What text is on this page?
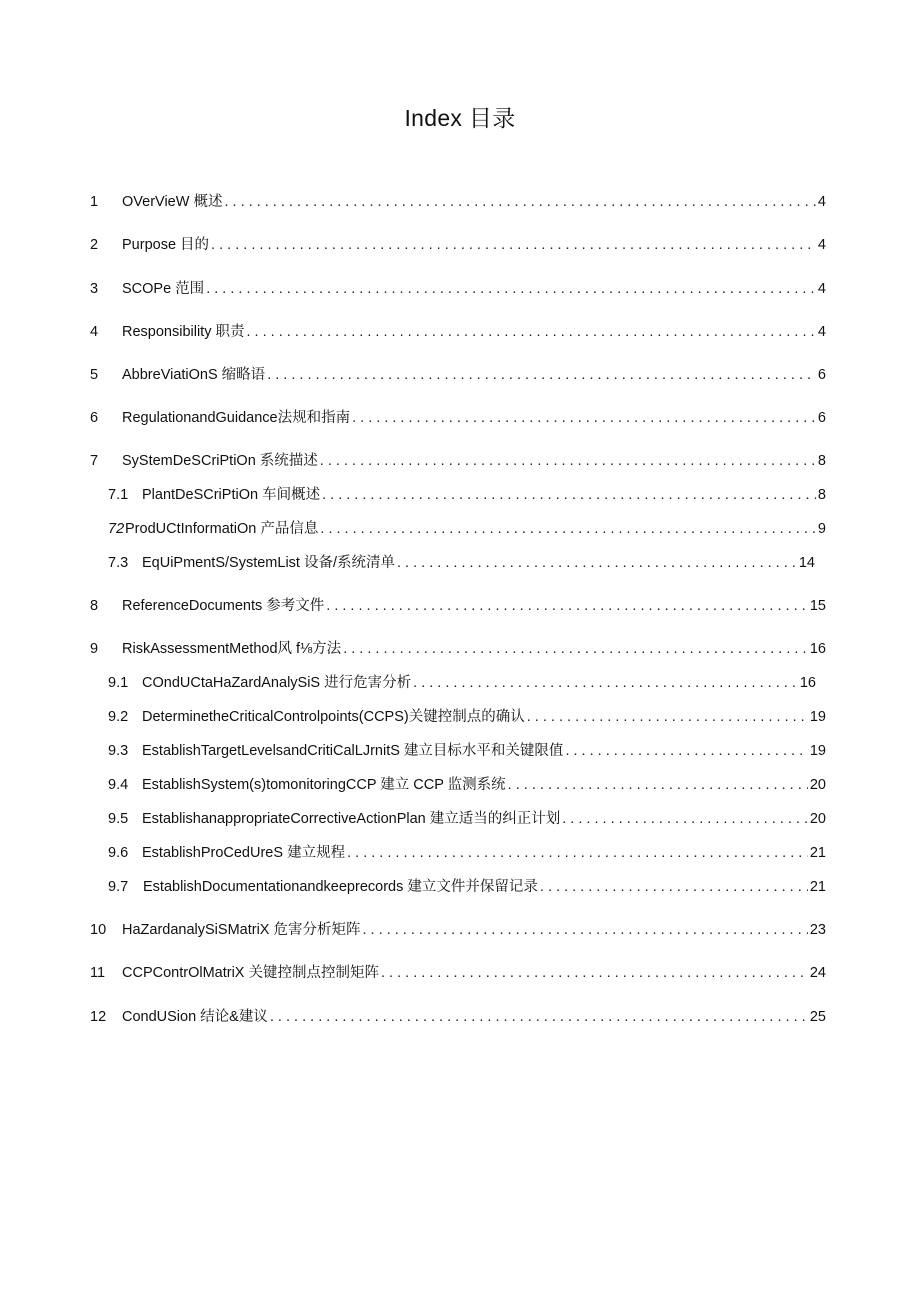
Index 目录
1	OVerVieW 概述 . . .	4
2	Purpose 目的 . . .	4
3	SCOPe 范围 . . .	4
4	Responsibility 职责 . . .	4
5	AbbreViatiOnS 缩略语 . . .	6
6	RegulationandGuidance法规和指南 . . .	6
7	SyStemDeSCriPtiOn 系统描述 . . .	8
7.1 PlantDeSCriPtiOn 车间概述 . . .	8
72 ProdUCtInformatiOn 产品信息 . . .	9
7.3 EqUiPmentS/SystemList 设备/系统清单 . . .	14
8	ReferenceDocuments 参考文件 . . .	15
9	RiskAssessmentMethod风 f⅛方法 . . .	16
9.1 COndUCtaHaZardAnalySiS 进行危害分析 . . .	16
9.2 DeterminetheCriticalControlpoints(CCPS)关键控制点的确认 . . .	19
9.3 EstablishTargetLevelsandCritiCalLJrnitS 建立目标水平和关键限值 . . .	19
9.4 EstablishSystem(s)tomonitoringCCP 建立 CCP 监测系统 . . .	20
9.5 EstablishanappropriateCorrectiveActionPlan 建立适当的纠正计划 . . .	20
9.6 EstablishProCedUreS 建立规程 . . .	21
9.7	EstablishDocumentationandkeeprecords 建立文件并保留记录 . . .	21
10	HaZardanalySiSMatriX 危害分析矩阵 . . .	23
11	CCPContrOlMatriX 关键控制点控制矩阵 . . .	24
12	CondUSion 结论&建议 . . .	25
